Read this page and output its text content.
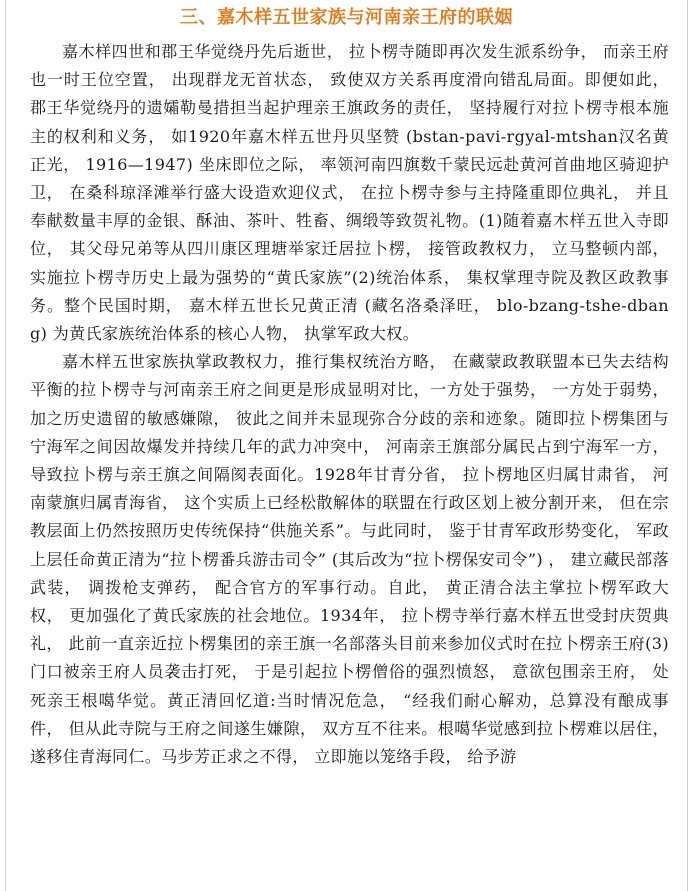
三、嘉木样五世家族与河南亲王府的联姻

嘉木样四世和郡王华觉绕丹先后逝世， 拉卜楞寺随即再次发生派系纷争， 而亲王府也一时王位空置， 出现群龙无首状态， 致使双方关系再度滑向错乱局面。即便如此， 郡王华觉绕丹的遗孀勒曼措担当起护理亲王旗政务的责任， 坚持履行对拉卜楞寺根本施主的权利和义务， 如1920年嘉木样五世丹贝坚赞 (bstan-pavi-rgyal-mtshan汉名黄正光， 1916—1947) 坐床即位之际， 率领河南四旗数千蒙民远赴黄河首曲地区骑迎护卫， 在桑科琼泽滩举行盛大设造欢迎仪式， 在拉卜楞寺参与主持隆重即位典礼， 并且奉献数量丰厚的金银、酥油、茶叶、牲畜、绸缎等致贺礼物。(1)随着嘉木样五世入寺即位， 其父母兄弟等从四川康区理塘举家迁居拉卜楞， 接管政教权力， 立马整顿内部， 实施拉卜楞寺历史上最为强势的“黄氏家族”(2)统治体系， 集权掌理寺院及教区政教事务。整个民国时期， 嘉木样五世长兄黄正清 (藏名洛桑泽旺， blo-bzang-tshe-dbang) 为黄氏家族统治体系的核心人物， 执掌军政大权。

嘉木样五世家族执掌政教权力，推行集权统治方略， 在藏蒙政教联盟本已失去结构平衡的拉卜楞寺与河南亲王府之间更是形成显明对比，一方处于强势， 一方处于弱势， 加之历史遗留的敏感嫌隙， 彼此之间并未显现弥合分歧的亲和迹象。随即拉卜楞集团与宁海军之间因故爆发并持续几年的武力冲突中， 河南亲王旗部分属民占到宁海军一方， 导致拉卜楞与亲王旗之间隔阂表面化。1928年甘青分省， 拉卜楞地区归属甘肃省， 河南蒙旗归属青海省， 这个实质上已经松散解体的联盟在行政区划上被分割开来， 但在宗教层面上仍然按照历史传统保持“供施关系”。与此同时， 鉴于甘青军政形势变化， 军政上层任命黄正清为“拉卜楞番兵游击司令” (其后改为“拉卜楞保安司令”) ， 建立藏民部落武装， 调拨枪支弹药， 配合官方的军事行动。自此， 黄正清合法主掌拉卜楞军政大权， 更加强化了黄氏家族的社会地位。1934年， 拉卜楞寺举行嘉木样五世受封庆贺典礼， 此前一直亲近拉卜楞集团的亲王旗一名部落头目前来参加仪式时在拉卜楞亲王府(3)门口被亲王府人员袭击打死， 于是引起拉卜楞僧俗的强烈愤怒， 意欲包围亲王府， 处死亲王根噶华觉。黄正清回忆道:当时情况危急， “经我们耐心解劝，总算没有酿成事件， 但从此寺院与王府之间遂生嫌隙， 双方互不往来。根噶华觉感到拉卜楞难以居住， 遂移住青海同仁。马步芳正求之不得， 立即施以笼络手段， 给予游
